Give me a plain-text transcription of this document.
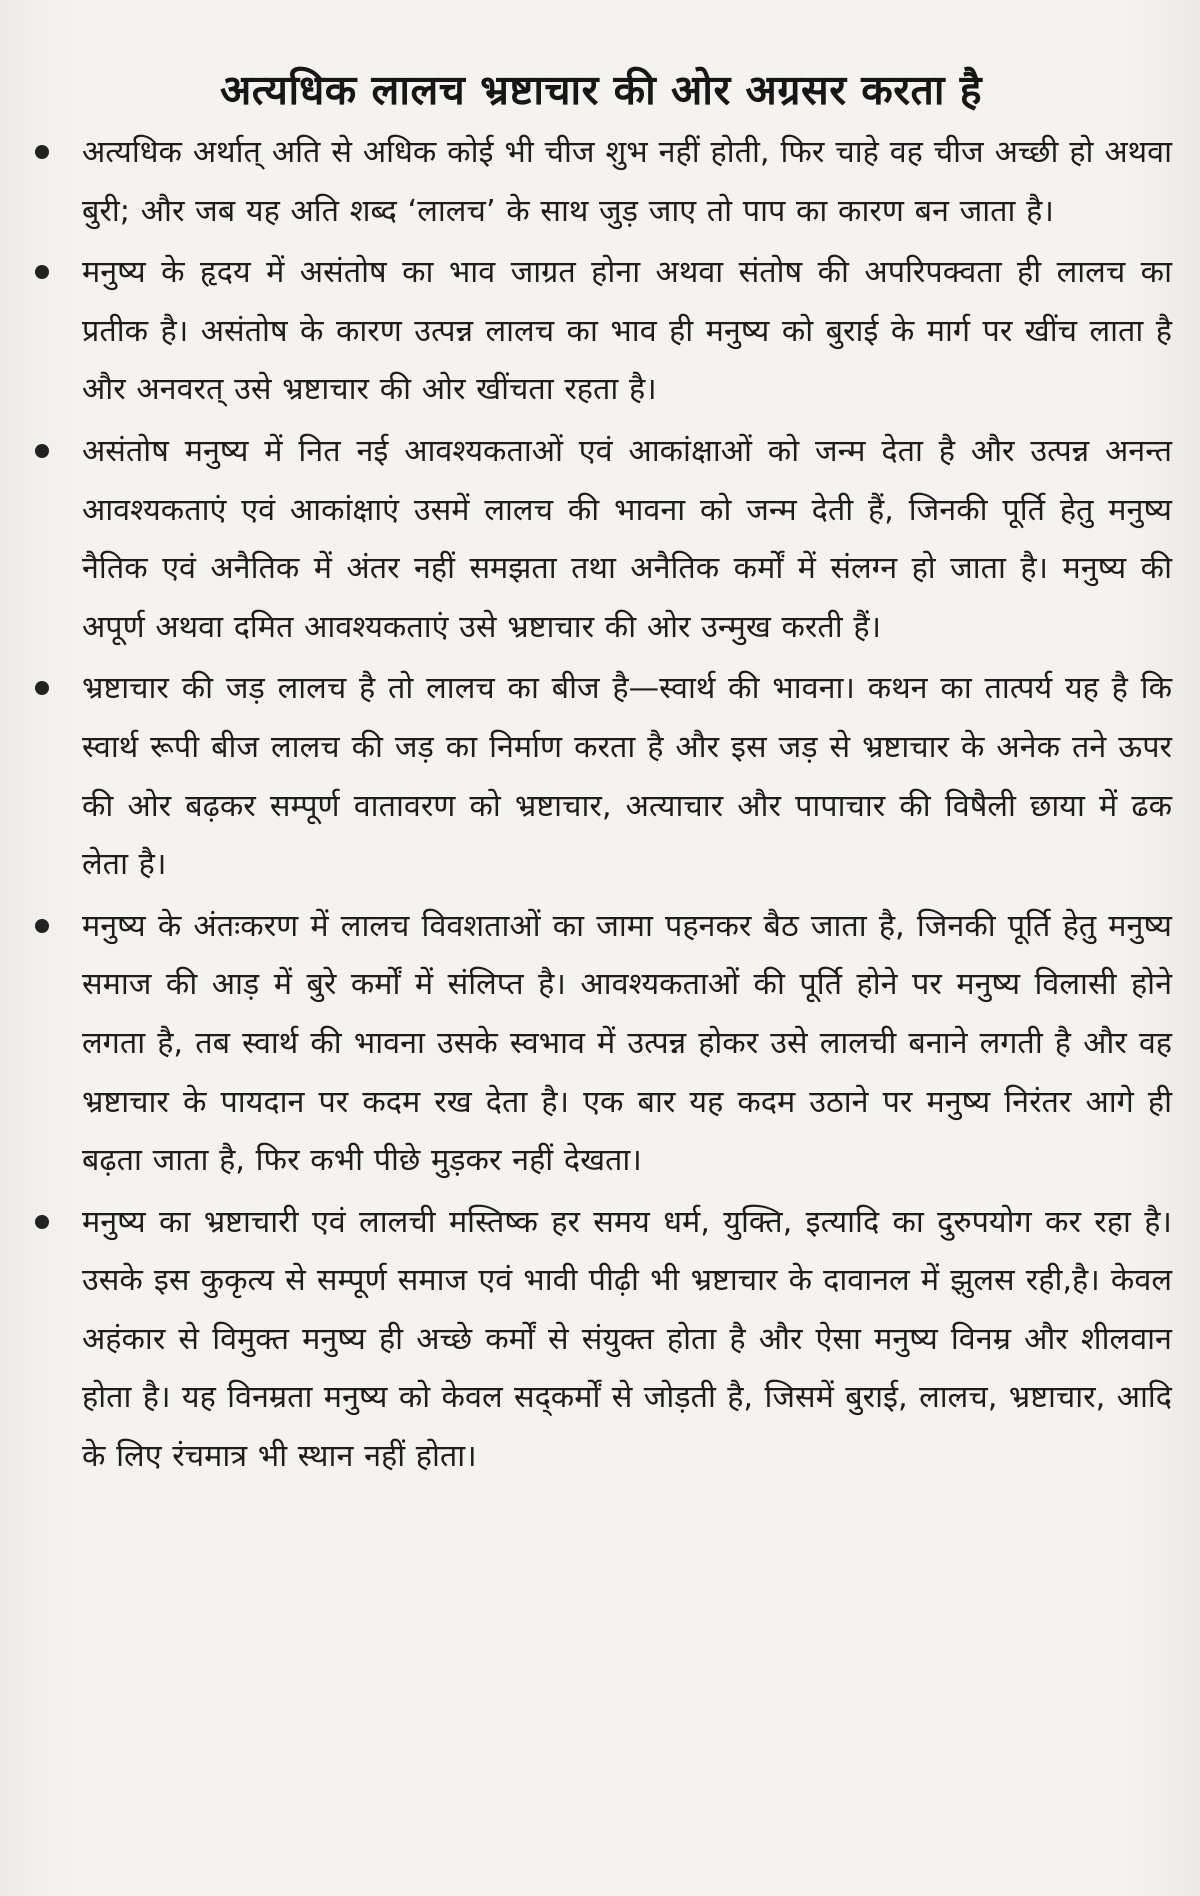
अत्यधिक लालच भ्रष्टाचार की ओर अग्रसर करता है
अत्यधिक अर्थात् अति से अधिक कोई भी चीज शुभ नहीं होती, फिर चाहे वह चीज अच्छी हो अथवा बुरी; और जब यह अति शब्द ‘लालच’ के साथ जुड़ जाए तो पाप का कारण बन जाता है।
मनुष्य के हृदय में असंतोष का भाव जाग्रत होना अथवा संतोष की अपरिपक्वता ही लालच का प्रतीक है। असंतोष के कारण उत्पन्न लालच का भाव ही मनुष्य को बुराई के मार्ग पर खींच लाता है और अनवरत् उसे भ्रष्टाचार की ओर खींचता रहता है।
असंतोष मनुष्य में नित नई आवश्यकताओं एवं आकांक्षाओं को जन्म देता है और उत्पन्न अनन्त आवश्यकताएं एवं आकांक्षाएं उसमें लालच की भावना को जन्म देती हैं, जिनकी पूर्ति हेतु मनुष्य नैतिक एवं अनैतिक में अंतर नहीं समझता तथा अनैतिक कर्मों में संलग्न हो जाता है। मनुष्य की अपूर्ण अथवा दमित आवश्यकताएं उसे भ्रष्टाचार की ओर उन्मुख करती हैं।
भ्रष्टाचार की जड़ लालच है तो लालच का बीज है—स्वार्थ की भावना। कथन का तात्पर्य यह है कि स्वार्थ रूपी बीज लालच की जड़ का निर्माण करता है और इस जड़ से भ्रष्टाचार के अनेक तने ऊपर की ओर बढ़कर सम्पूर्ण वातावरण को भ्रष्टाचार, अत्याचार और पापाचार की विषैली छाया में ढक लेता है।
मनुष्य के अंतःकरण में लालच विवशताओं का जामा पहनकर बैठ जाता है, जिनकी पूर्ति हेतु मनुष्य समाज की आड़ में बुरे कर्मों में संलिप्त है। आवश्यकताओं की पूर्ति होने पर मनुष्य विलासी होने लगता है, तब स्वार्थ की भावना उसके स्वभाव में उत्पन्न होकर उसे लालची बनाने लगती है और वह भ्रष्टाचार के पायदान पर कदम रख देता है। एक बार यह कदम उठाने पर मनुष्य निरंतर आगे ही बढ़ता जाता है, फिर कभी पीछे मुड़कर नहीं देखता।
मनुष्य का भ्रष्टाचारी एवं लालची मस्तिष्क हर समय धर्म, युक्ति, इत्यादि का दुरुपयोग कर रहा है। उसके इस कुकृत्य से सम्पूर्ण समाज एवं भावी पीढ़ी भी भ्रष्टाचार के दावानल में झुलस रही,है। केवल अहंकार से विमुक्त मनुष्य ही अच्छे कर्मों से संयुक्त होता है और ऐसा मनुष्य विनम्र और शीलवान होता है। यह विनम्रता मनुष्य को केवल सद्कर्मों से जोड़ती है, जिसमें बुराई, लालच, भ्रष्टाचार, आदि के लिए रंचमात्र भी स्थान नहीं होता।
